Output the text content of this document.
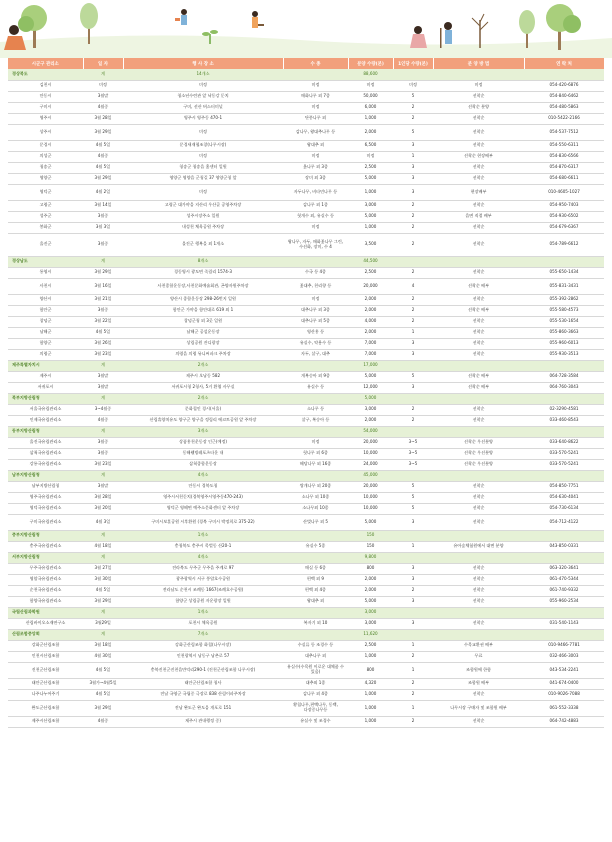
시군구 관리소	일 자	행 사 장 소	수 종	분양 수량(본)	1인당 수량(본)	분 양 방 법	연 락 처
경상북도	계	14개소		88,600			
김천시	미정	미정	미정	미정	미정	미정	054-420-6876
안동시	3월말	청소년수련관 앞 낙동강 둔치	매화나무 외 7종	50,000	5	선착순	054-840-6462
구미시	4월중	구미, 선산 버스터미널	미정	6,000	2	선착순 분양	054-480-5863
영주시	3월 28일	영주시 영주동 470-1	단풍나무 외	1,000	2	선착순	010-5422-2166
상주시	3월 29일	미정	감나무, 왕대추나무 등	2,000	5	선착순	054-537-7512
문경시	4월 5일	문경새재협조창(나무시장)	왕대추 외	6,500	3	선착순	054-550-6311
의성군	4월중	미정	미정	미정	1	선착순 현장배부	054-830-6566
청송군	4월 5일	청송군 청송읍 홈센터 일원	옻나무 외 3종	2,500	3	선착순	054-870-6317
영양군	3월 29일	영양군 영양읍 군청길 37 영양군청 앞	장미 외 3종	5,000	3	선착순	054-680-6611
영덕군	4월 2일	미정	자두나무, 비타민나무 등	1,000	3	현장배부	010-4605-1027
고령군	3월 14일	고령군 대가야읍 지산리 우산골 공영주차장	감나무 외 1종	3,000	2	선착순	054-950-7403
성주군	3월중	성주시장주소 일원	헛개수 외, 유실수 등	5,000	2	읍면 직접 배부	054-930-6502
봉화군	3월 3일	내성천 체육공원 주차장	미정	1,000	2	선착순	054-679-6367
울진군	3월중	울진군 행복을 외 1개소	왕나무, 자두, 매화꽃나무 그린,수선화, 장미, 수 4	3,500	2	선착순	054-789-6612
경상남도	계	8개소		44,500			
통영시	3월 29일	경동영시 광도면 죽림리 1574-3	수국 등 4종	2,500	2	선착순	055-650-1434
사천시	3월 16일	사천종합운동장,사천문화예술회관, 곤양자원주차장	꽃대추, 천리향 등	20,000	4	선착순 배부	055-831-3431
양산시	3월 21일	양산시 종합운동장 298-26번지 일원	미정	2,000	2	선착순	055-392-2862
함안군	3월중	함안군 가야읍 함안대로 619 외 1	대추나무 외 3종	2,000	2	선착순 배부	055-580-4573
창녕군	3월 22일	창녕군청 외 3곳 일원	대추나무 외 5종	4,000	2	선착순	055-530-1654
남해군	4월 5일	남해군 공설운동장	영산홍 등	2,000	1	선착순	055-860-3663
함양군	3월 26일	상림공원 잔디광장	유실수, 약용수 등	7,000	3	선착순	055-960-6013
의령군	3월 23일	의령읍 의령 뮤니씨파크 주차장	자두, 살구, 대추	7,000	3	선착순	055-930-3513
제주특별자치시	계	2개소		17,000			
제주시	3월말	제주시 오남동 582	개복숭아 외 9종	5,000	5	선착순 배부	064-728-3584
서귀포시	3월말	서귀포시청 2청사, 5거 환엽 사무실	유실수 등	12,000	3	선착순 배부	064-760-3043
북부지방산림청	계	2개소		5,000			
서울국유림관리소	3~4월중	문화철인 경시(서울)	소나무 등	3,000	2	선착순	02-3290-4581
인제국유림관리소	4월중	산림휴양치유도 양구군 양구읍 정림리 에코트공원 앞 주차장	살구, 복숭아 등	2,000	2	선착순	033-460-8543
동부지방산림청	계	3개소		54,000			
울진국유림관리소	3월중	상품홍천운동장 인근(예정)	미정	20,000	3~5	선착순 우선분양	033-640-8622
삼척국유림관리소	3월중	동해웰빙레포츠타운 내	헛나무 외 6종	10,000	3~5	선착순 우선분양	033-570-5241
강릉국유림관리소	3월 23일	삼척종합운동장	해당나무 외 16종	24,000	3~5	선착순 우선분양	033-570-5241
남부지방산림청	계	4개소		45,000			
남부지방산림청	3월말	안동시 경북도청	쌍개나무 외 20종	20,000	5	선착순	054-850-7751
영주국유림관리소	3월 28일	영주시서천둔치(경북영주시영주동470-243)	소나무 외 10종	10,000	5	선착순	054-630-4041
영덕국유림관리소	3월 20일	영덕군 영해면 예주소문화센터 앞 주차장	소나무외 10종	10,000	5	선착순	054-730-6134
구미국유림관리소	4월 3일	구미시보훈공원 시후환원 (경북 구미시 박정희로 375-22)	산벚나무 외 5	5,000	3	선착순	054-712-4122
중부지방산림청	계	1개소		150			
충주국유림관리소	4월 18일	충청북도 충주시 목벌동 산20-1	유실수 5종	150	1	유아숲체험원에서 대면 분양	043-850-0331
서부지방산림청	계	4개소		9,800			
무주국유림관리소	3월 27일	전라북도 무주군 무주읍 주계로 97	매실 등 6종	800	3	선착순	063-320-3641
영암국유림관리소	3월 30일	광주광역시 서구 풍암호수공원	편백 외 9	2,000	3	선착순	061-470-5344
순천국유림관리소	4월 5일	전라남도 순천시 조례동 1667(조례호수공원)	편백 외 4종	2,000	2	선착순	061-740-9332
함양국유림관리소	3월 29일	함양군 상림공원 자운광장 일원	왕대추 외	5,000	3	선착순	055-960-2534
국립산림과학원	계	1개소		3,000			
산림바이오소재연구소	3월29일	포천시 체육공원	복자기 외 10	3,000	3	선착순	031-540-1143
산림조합중앙회	계	7개소		11,620			
강화군산림조합	3월 18일	강화군산림조합 화철(나무시장)	수실류 등 조경수 등	2,500	1	수목교환권 배부	010-9466-7781
인천시산림조합	4월 30일	인천광역시 남동구 남촌로 57	대추나무 외	1,000	2	무료	032-466-3003
진천군산림조합	4월 5일	충북진천군진천읍만덕리290-1 (진천군산림조합 나무시장)	유실수(수목원 이로운 대체품 수 있음)	800	1	조합원에 한함	043-534-2241
태안군산림조합	3월가~4월5일	태안군산림조합 청사	대추외 1종	4,320	2	조합원 배부	041-674-0400
나주나누어주기	4월 5일	전남 국영군 국립중 극장로 838 산림이파주차장	감나무 외 4종	1,000	2	선착순	010-9026-7088
완도군산림조합	3월 29일	전남 완도군 완도읍 개포로 151	황칠나무,편백나무, 동백,다장중나무등	1,000	1	나무시장 구매자 및 조합원 배부	061-552-3338
제주시산림조합	4월중	제주시 관내행정 중)	유실수 및 조경수	1,000	2	선착순	064-742-4883
